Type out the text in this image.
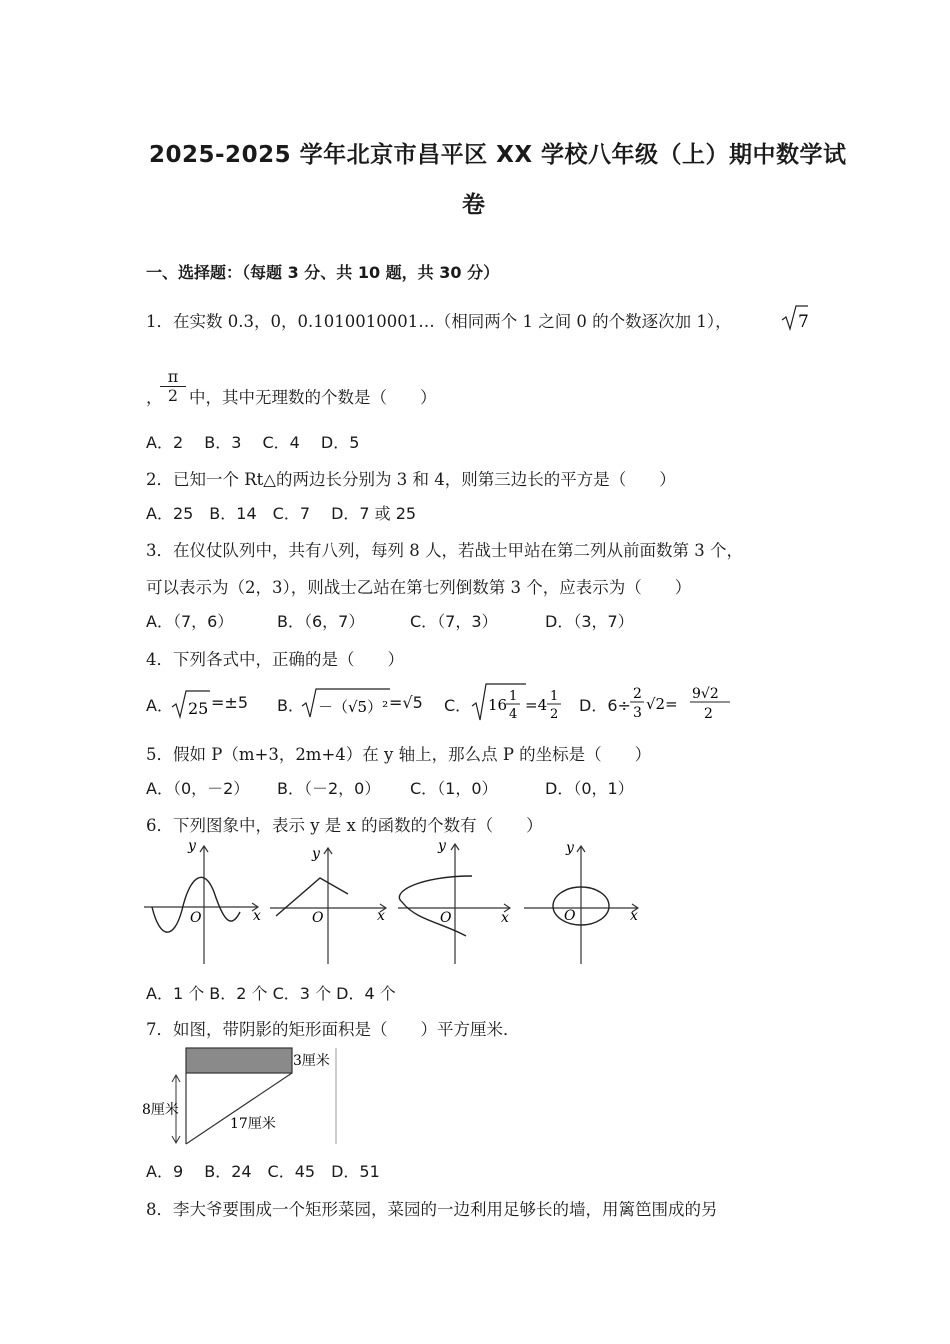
2025-2025 学年北京市昌平区 XX 学校八年级（上）期中数学试
卷
一、选择题：（每题 3 分、共 10 题，共 30 分）
1．在实数 0.3，0，0.1010010001…（相同两个 1 之间 0 的个数逐次加 1），	7
，
$\frac{\pi}{2}$ 中，其中无理数的个数是（　　）
A．2　 B．3　 C．4　 D．5
2．已知一个 Rt△的两边长分别为 3 和 4，则第三边长的平方是（　　）
A．25　B．14　C．7　 D．7 或 25
3．在仪仗队列中，共有八列，每列 8 人，若战士甲站在第二列从前面数第 3 个，
可以表示为（2，3），则战士乙站在第七列倒数第 3 个，应表示为（　　）
A．（7，6）	B．（6，7）	C．（7，3）	D．（3，7）
4．下列各式中，正确的是（　　）
A． 25 =±5 B． －（√5）² =√5 C． 16 1
4
=4 1
2 D．6÷
2
3 √2=
9√2
2
5．假如 P（m+3，2m+4）在 y 轴上，那么点 P 的坐标是（　　）
A．（0，－2） B．（－2，0） C．（1，0）	D．（0，1）
6．下列图象中，表示 y 是 x 的函数的个数有（　　）
y
x
O
y
x
O
y
x
O
y
x
O
A．1 个 B．2 个 C．3 个 D．4 个
7．如图，带阴影的矩形面积是（　　）平方厘米．
3厘米
8厘米
17厘米
A．9　 B．24　C．45　D．51
8．李大爷要围成一个矩形菜园，菜园的一边利用足够长的墙，用篱笆围成的另
